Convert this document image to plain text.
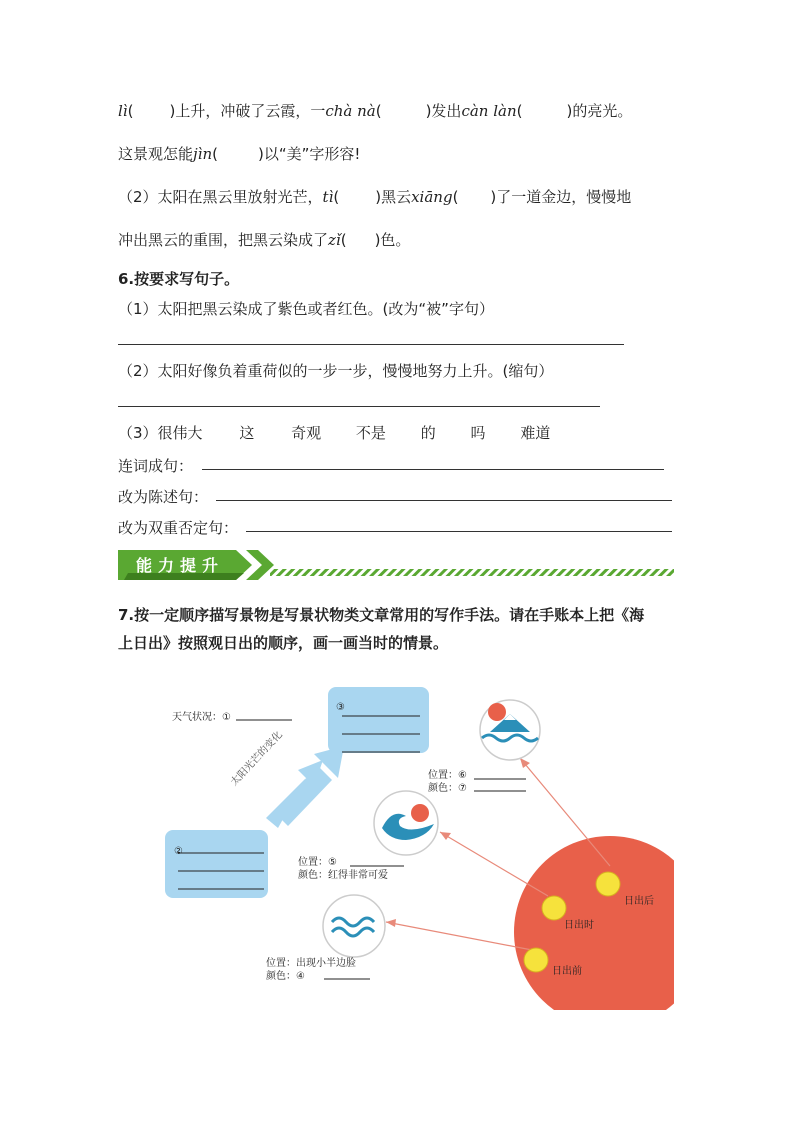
lì( )上升，冲破了云霞，一chà nà(	)发出càn làn(	)的亮光。
这景观怎能jìn(	)以“美”字形容!
（2）太阳在黑云里放射光芒，tì( )黑云xiāng( )了一道金边，慢慢地
冲出黑云的重围，把黑云染成了zǐ( )色。
6.按要求写句子。
（1）太阳把黑云染成了紫色或者红色。(改为“被”字句）
（2）太阳好像负着重荷似的一步一步，慢慢地努力上升。(缩句）
（3）很伟大 这 奇观 不是 的 吗 难道
连词成句：
改为陈述句：
改为双重否定句：
能力提升
7.按一定顺序描写景物是写景状物类文章常用的写作手法。请在手账本上把《海
上日出》按照观日出的顺序，画一画当时的情景。
天气状况：①
③
②
太阳光芒的变化	位置：⑥
颜色：⑦
位置：⑤
颜色：红得非常可爱
位置：出现小半边脸
颜色：④
日出后
日出时
日出前
